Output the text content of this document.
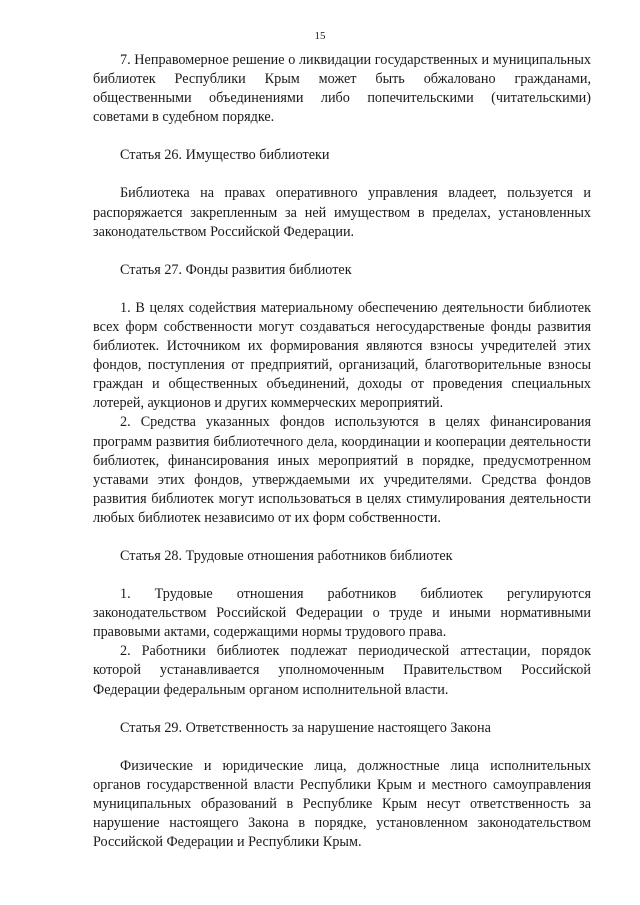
15

7. Неправомерное решение о ликвидации государственных и муниципальных библиотек Республики Крым может быть обжаловано гражданами, общественными объединениями либо попечительскими (читательскими) советами в судебном порядке.

Статья 26. Имущество библиотеки

Библиотека на правах оперативного управления владеет, пользуется и распоряжается закрепленным за ней имуществом в пределах, установленных законодательством Российской Федерации.

Статья 27. Фонды развития библиотек

1. В целях содействия материальному обеспечению деятельности библиотек всех форм собственности могут создаваться негосударственые фонды развития библиотек. Источником их формирования являются взносы учредителей этих фондов, поступления от предприятий, организаций, благотворительные взносы граждан и общественных объединений, доходы от проведения специальных лотерей, аукционов и других коммерческих мероприятий.

2. Средства указанных фондов используются в целях финансирования программ развития библиотечного дела, координации и кооперации деятельности библиотек, финансирования иных мероприятий в порядке, предусмотренном уставами этих фондов, утверждаемыми их учредителями. Средства фондов развития библиотек могут использоваться в целях стимулирования деятельности любых библиотек независимо от их форм собственности.

Статья 28. Трудовые отношения работников библиотек

1. Трудовые отношения работников библиотек регулируются законодательством Российской Федерации о труде и иными нормативными правовыми актами, содержащими нормы трудового права.

2. Работники библиотек подлежат периодической аттестации, порядок которой устанавливается уполномоченным Правительством Российской Федерации федеральным органом исполнительной власти.

Статья 29. Ответственность за нарушение настоящего Закона

Физические и юридические лица, должностные лица исполнительных органов государственной власти Республики Крым и местного самоуправления муниципальных образований в Республике Крым несут ответственность за нарушение настоящего Закона в порядке, установленном законодательством Российской Федерации и Республики Крым.
